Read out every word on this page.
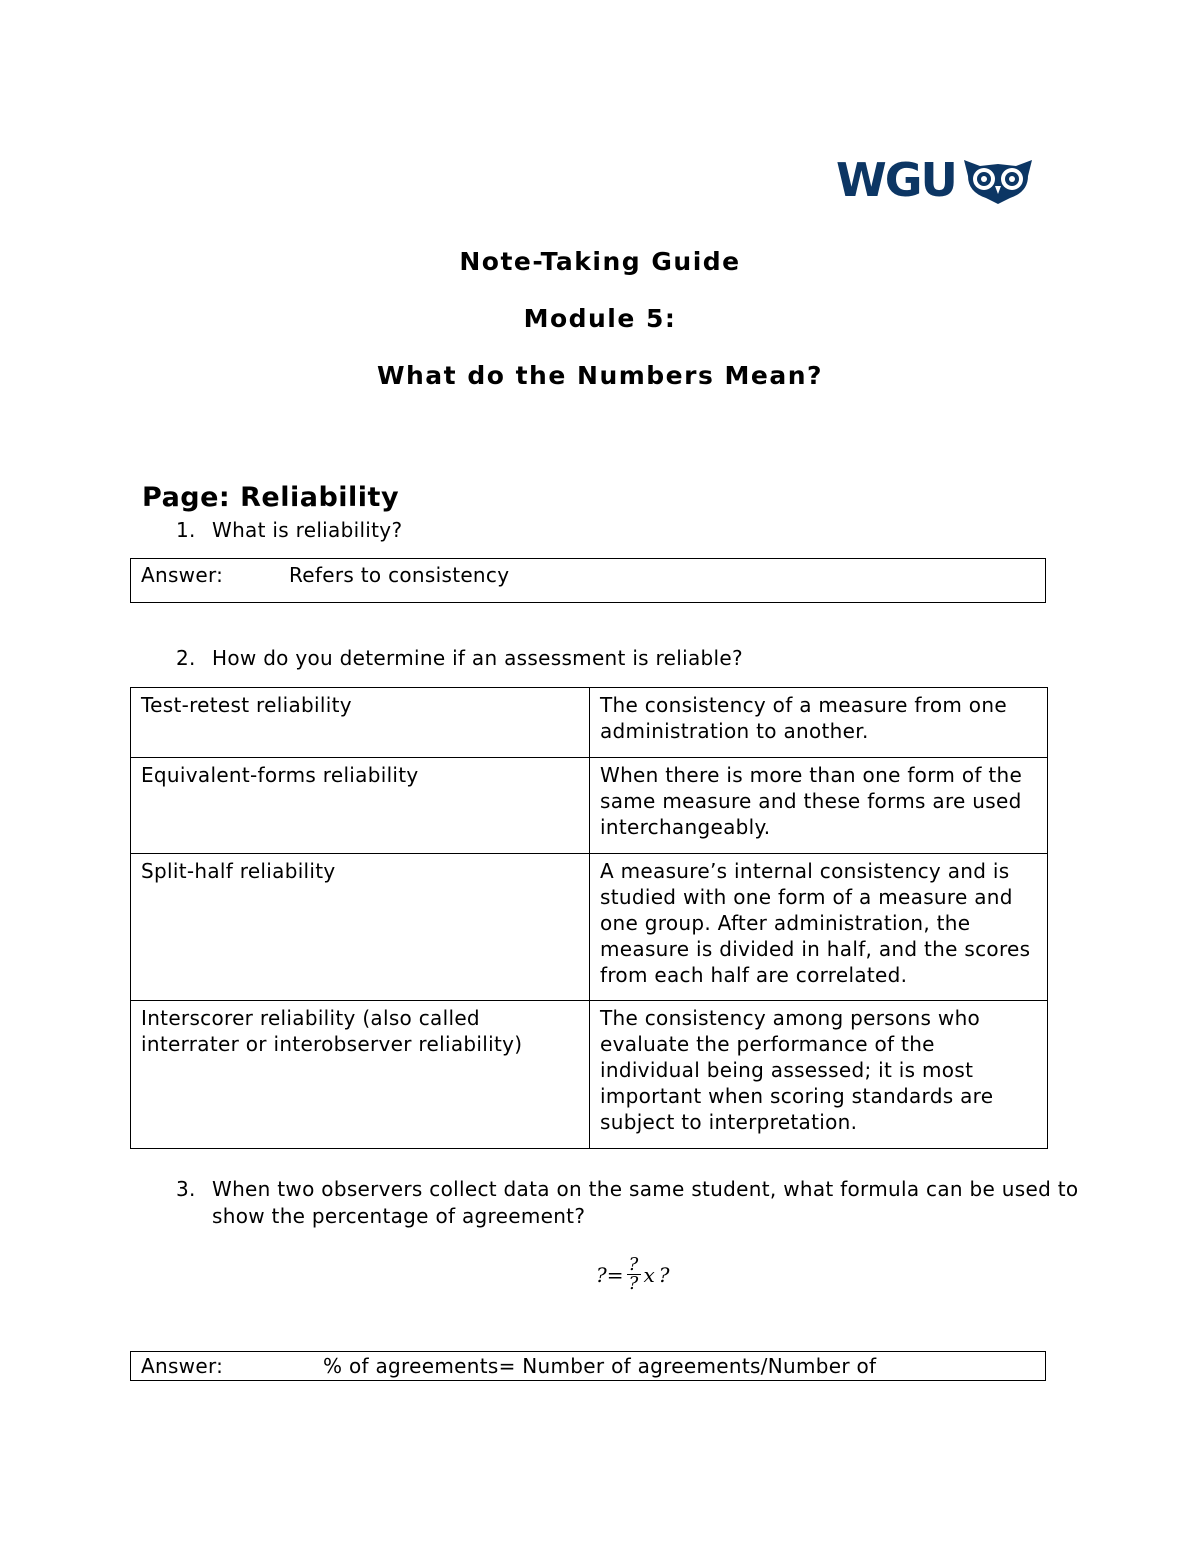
WGU
Note-Taking Guide
Module 5:
What do the Numbers Mean?
Page: Reliability
1. What is reliability?
Answer:	Refers to consistency
2. How do you determine if an assessment is reliable?
Test-retest reliability	The consistency of a measure from one administration to another.
Equivalent-forms reliability	When there is more than one form of the same measure and these forms are used interchangeably.
Split-half reliability	A measure’s internal consistency and is studied with one form of a measure and one group. After administration, the measure is divided in half, and the scores from each half are correlated.
Interscorer reliability (also called interrater or interobserver reliability)	The consistency among persons who evaluate the performance of the individual being assessed; it is most important when scoring standards are subject to interpretation.
3. When two observers collect data on the same student, what formula can be used to show the percentage of agreement?
? = $\frac{?}{?}$ x ?
Answer:	% of agreements= Number of agreements/Number of
